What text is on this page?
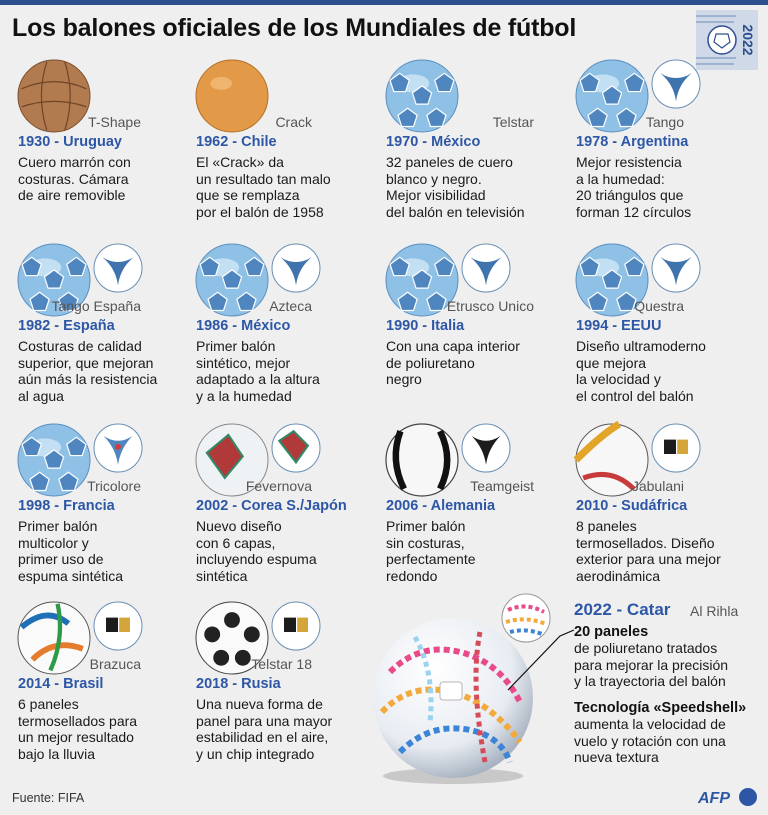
Los balones oficiales de los Mundiales de fútbol	2022
T-Shape
1930 - Uruguay
Cuero marrón con
costuras. Cámara
de aire removible
Crack
1962 - Chile
El «Crack» da
un resultado tan malo
que se remplaza
por el balón de 1958
Telstar
1970 - México
32 paneles de cuero
blanco y negro.
Mejor visibilidad
del balón en televisión
Tango
1978 - Argentina
Mejor resistencia
a la humedad:
20 triángulos que
forman 12 círculos
Tango España
1982 - España
Costuras de calidad
superior, que mejoran
aún más la resistencia
al agua
Azteca
1986 - México
Primer balón
sintético, mejor
adaptado a la altura
y a la humedad
Etrusco Unico
1990 - Italia
Con una capa interior
de poliuretano
negro
Questra
1994 - EEUU
Diseño ultramoderno
que mejora
la velocidad y
el control del balón
Tricolore
1998 - Francia
Primer balón
multicolor y
primer uso de
espuma sintética
Fevernova
2002 - Corea S./Japón
Nuevo diseño
con 6 capas,
incluyendo espuma
sintética
Teamgeist
2006 - Alemania
Primer balón
sin costuras,
perfectamente
redondo
Jabulani
2010 - Sudáfrica
8 paneles
termosellados. Diseño
exterior para una mejor
aerodinámica
Brazuca
2014 - Brasil
6 paneles
termosellados para
un mejor resultado
bajo la lluvia
Telstar 18
2018 - Rusia
Una nueva forma de
panel para una mayor
estabilidad en el aire,
y un chip integrado
2022 - Catar Al Rihla
20 paneles
de poliuretano tratados
para mejorar la precisión
y la trayectoria del balón
Tecnología «Speedshell»
aumenta la velocidad de
vuelo y rotación con una
nueva textura
Fuente: FIFA	AFP
